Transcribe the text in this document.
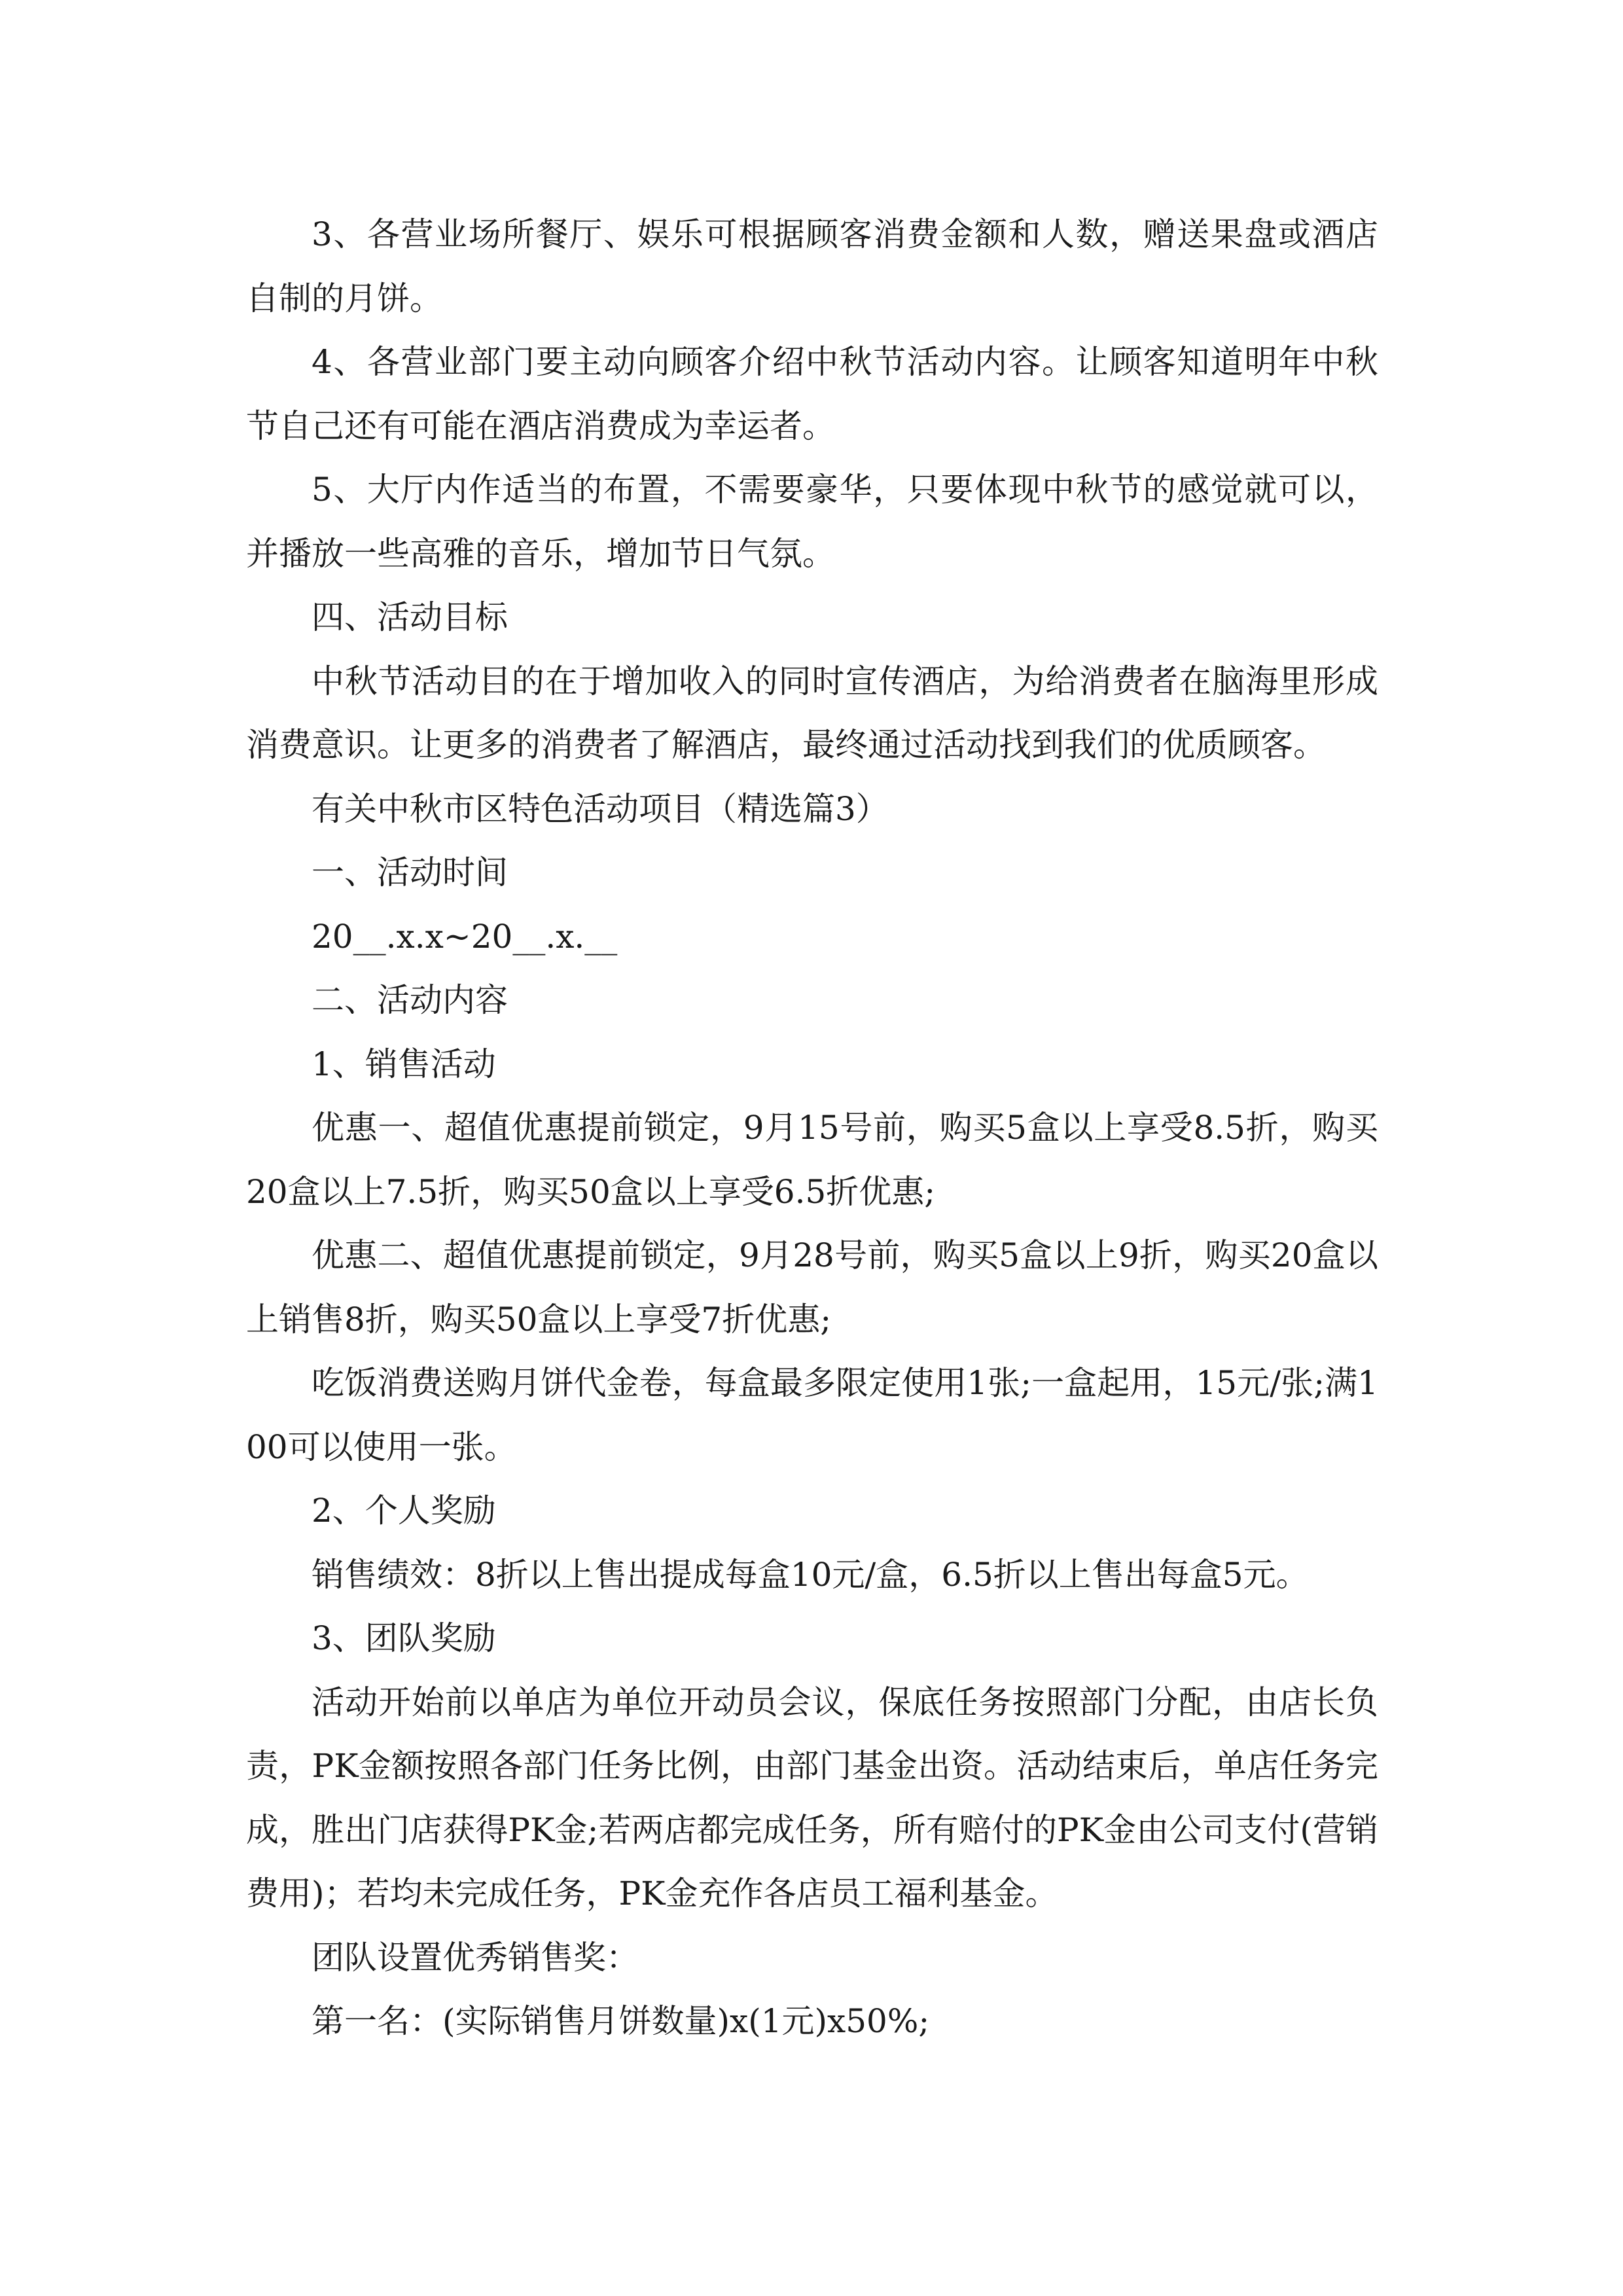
3、各营业场所餐厅、娱乐可根据顾客消费金额和人数，赠送果盘或酒店自制的月饼。

4、各营业部门要主动向顾客介绍中秋节活动内容。让顾客知道明年中秋节自己还有可能在酒店消费成为幸运者。

5、大厅内作适当的布置，不需要豪华，只要体现中秋节的感觉就可以，并播放一些高雅的音乐，增加节日气氛。

四、活动目标

中秋节活动目的在于增加收入的同时宣传酒店，为给消费者在脑海里形成消费意识。让更多的消费者了解酒店，最终通过活动找到我们的优质顾客。

有关中秋市区特色活动项目（精选篇3）

一、活动时间

20__.x.x~20__.x.__

二、活动内容

1、销售活动

优惠一、超值优惠提前锁定，9月15号前，购买5盒以上享受8.5折，购买20盒以上7.5折，购买50盒以上享受6.5折优惠;

优惠二、超值优惠提前锁定，9月28号前，购买5盒以上9折，购买20盒以上销售8折，购买50盒以上享受7折优惠;

吃饭消费送购月饼代金卷，每盒最多限定使用1张;一盒起用，15元/张;满100可以使用一张。

2、个人奖励

销售绩效：8折以上售出提成每盒10元/盒，6.5折以上售出每盒5元。

3、团队奖励

活动开始前以单店为单位开动员会议，保底任务按照部门分配，由店长负责，PK金额按照各部门任务比例，由部门基金出资。活动结束后，单店任务完成，胜出门店获得PK金;若两店都完成任务，所有赔付的PK金由公司支付(营销费用)；若均未完成任务，PK金充作各店员工福利基金。

团队设置优秀销售奖：

第一名：(实际销售月饼数量)x(1元)x50%;
